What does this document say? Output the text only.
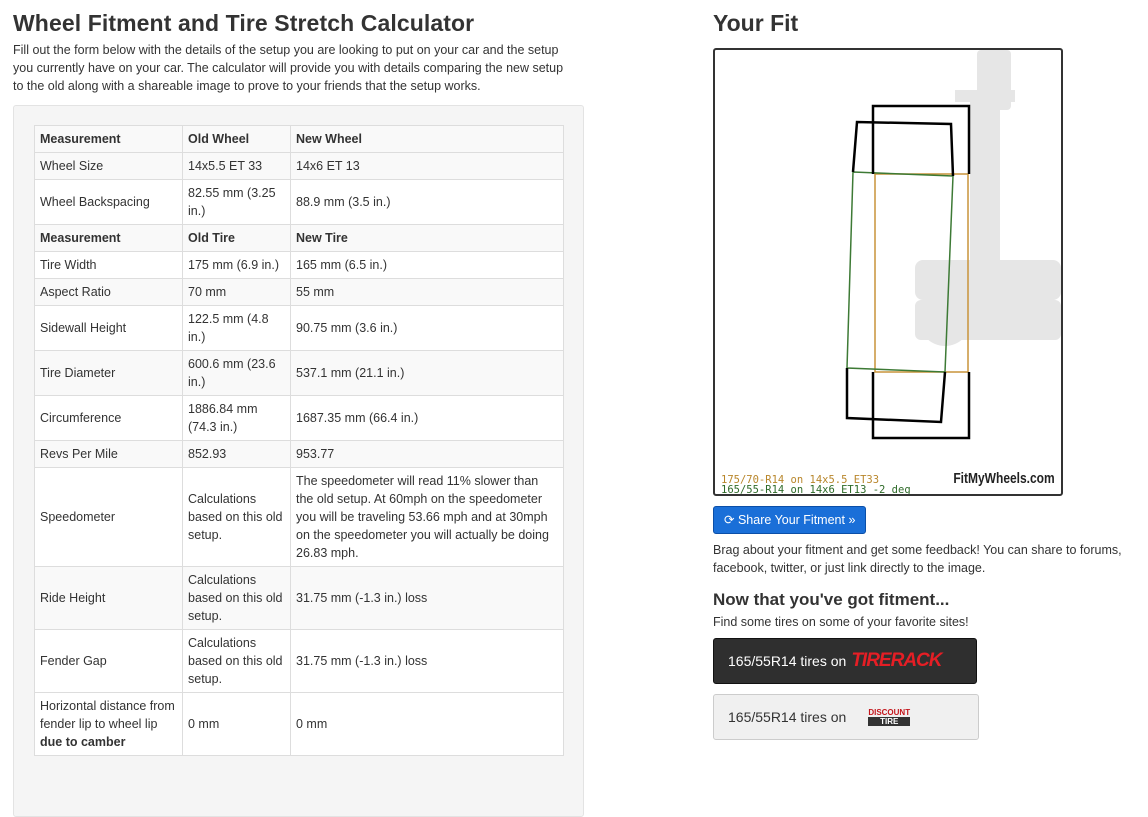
Wheel Fitment and Tire Stretch Calculator

Fill out the form below with the details of the setup you are looking to put on your car and the setup you currently have on your car. The calculator will provide you with details comparing the new setup to the old along with a shareable image to prove to your friends that the setup works.

Measurement	Old Wheel	New Wheel
Wheel Size	14x5.5 ET 33	14x6 ET 13
Wheel Backspacing	82.55 mm (3.25 in.)	88.9 mm (3.5 in.)
Measurement	Old Tire	New Tire
Tire Width	175 mm (6.9 in.)	165 mm (6.5 in.)
Aspect Ratio	70 mm	55 mm
Sidewall Height	122.5 mm (4.8 in.)	90.75 mm (3.6 in.)
Tire Diameter	600.6 mm (23.6 in.)	537.1 mm (21.1 in.)
Circumference	1886.84 mm (74.3 in.)	1687.35 mm (66.4 in.)
Revs Per Mile	852.93	953.77
Speedometer	Calculations based on this old setup.	The speedometer will read 11% slower than the old setup. At 60mph on the speedometer you will be traveling 53.66 mph and at 30mph on the speedometer you will actually be doing 26.83 mph.
Ride Height	Calculations based on this old setup.	31.75 mm (-1.3 in.) loss
Fender Gap	Calculations based on this old setup.	31.75 mm (-1.3 in.) loss
Horizontal distance from fender lip to wheel lip due to camber	0 mm	0 mm
Your Fit
175/70-R14 on 14x5.5 ET33
165/55-R14 on 14x6 ET13 -2 deg
FitMyWheels.com
⟳ Share Your Fitment »
Brag about your fitment and get some feedback! You can share to forums, facebook, twitter, or just link directly to the image.
Now that you've got fitment...
Find some tires on some of your favorite sites!
165/55R14 tires on TIRERACK
165/55R14 tires on	DISCOUNT
TIRE
